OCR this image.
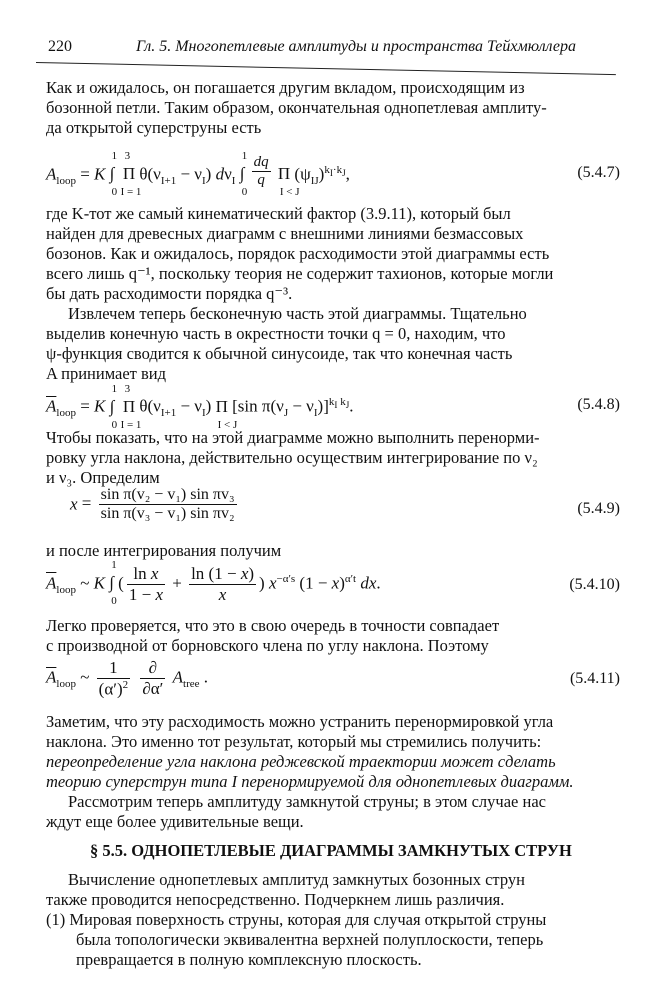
220	Гл. 5. Многопетлевые амплитуды и пространства Тейхмюллера
Как и ожидалось, он погашается другим вкладом, происходящим из
бозонной петли. Таким образом, окончательная однопетлевая амплиту-
да открытой суперструны есть
$A_{loop} = K$ ∫
1
0
Π
3
I = 1
$\theta(\nu_{I+1} - \nu_I)$ $d\nu_I$ ∫
1
0

$\frac{dq}{q}$ Π
I < J
$(\psi_{IJ})^{k_I\cdot k_J}$,	(5.4.7)
где K-тот же самый кинематический фактор (3.9.11), который был
найден для древесных диаграмм с внешними линиями безмассовых
бозонов. Как и ожидалось, порядок расходимости этой диаграммы есть
всего лишь q⁻¹, поскольку теория не содержит тахионов, которые могли
бы дать расходимости порядка q⁻³.
Извлечем теперь бесконечную часть этой диаграммы. Тщательно
выделив конечную часть в окрестности точки q = 0, находим, что
ψ-функция сводится к обычной синусоиде, так что конечная часть
A принимает вид
$\overline{A}_{loop} = K$ ∫
1
0
Π
3
I = 1
$\theta(\nu_{I+1} - \nu_I)$ Π
I < J
[sin $\pi(\nu_J - \nu_I)]^{k_I k_J}$.	(5.4.8)
Чтобы показать, что на этой диаграмме можно выполнить перенорми-
ровку угла наклона, действительно осуществим интегрирование по ν₂
и ν₃. Определим
$x = \frac{\text{sin π(v₂ − v₁) sin πv₃}}{\text{sin π(v₃ − v₁) sin πv₂}}$	(5.4.9)
и после интегрирования получим
$\overline{A}_{loop}$ ~ K ∫
1
0
( $\frac{\text{ln x}}{1 - x} + \frac{\ln (1 - x)}{x}$ ) $x^{-\alpha's}$ $(1 - x)^{\alpha't}$ dx.	(5.4.10)
Легко проверяется, что это в свою очередь в точности совпадает
с производной от борновского члена по углу наклона. Поэтому
$\overline{A}_{loop}$ ~ $\frac{1}{(\alpha')^2}$
$\frac{\partial}{\partial\alpha'} A_{tree}$ .	(5.4.11)
Заметим, что эту расходимость можно устранить перенормировкой угла
наклона. Это именно тот результат, который мы стремились получить:
переопределение угла наклона реджевской траектории может сделать
теорию суперструн типа I перенормируемой для однопетлевых диаграмм.
Рассмотрим теперь амплитуду замкнутой струны; в этом случае нас
ждут еще более удивительные вещи.
§ 5.5. ОДНОПЕТЛЕВЫЕ ДИАГРАММЫ ЗАМКНУТЫХ СТРУН
Вычисление однопетлевых амплитуд замкнутых бозонных струн
также проводится непосредственно. Подчеркнем лишь различия.
(1) Мировая поверхность струны, которая для случая открытой струны
была топологически эквивалентна верхней полуплоскости, теперь
превращается в полную комплексную плоскость.
